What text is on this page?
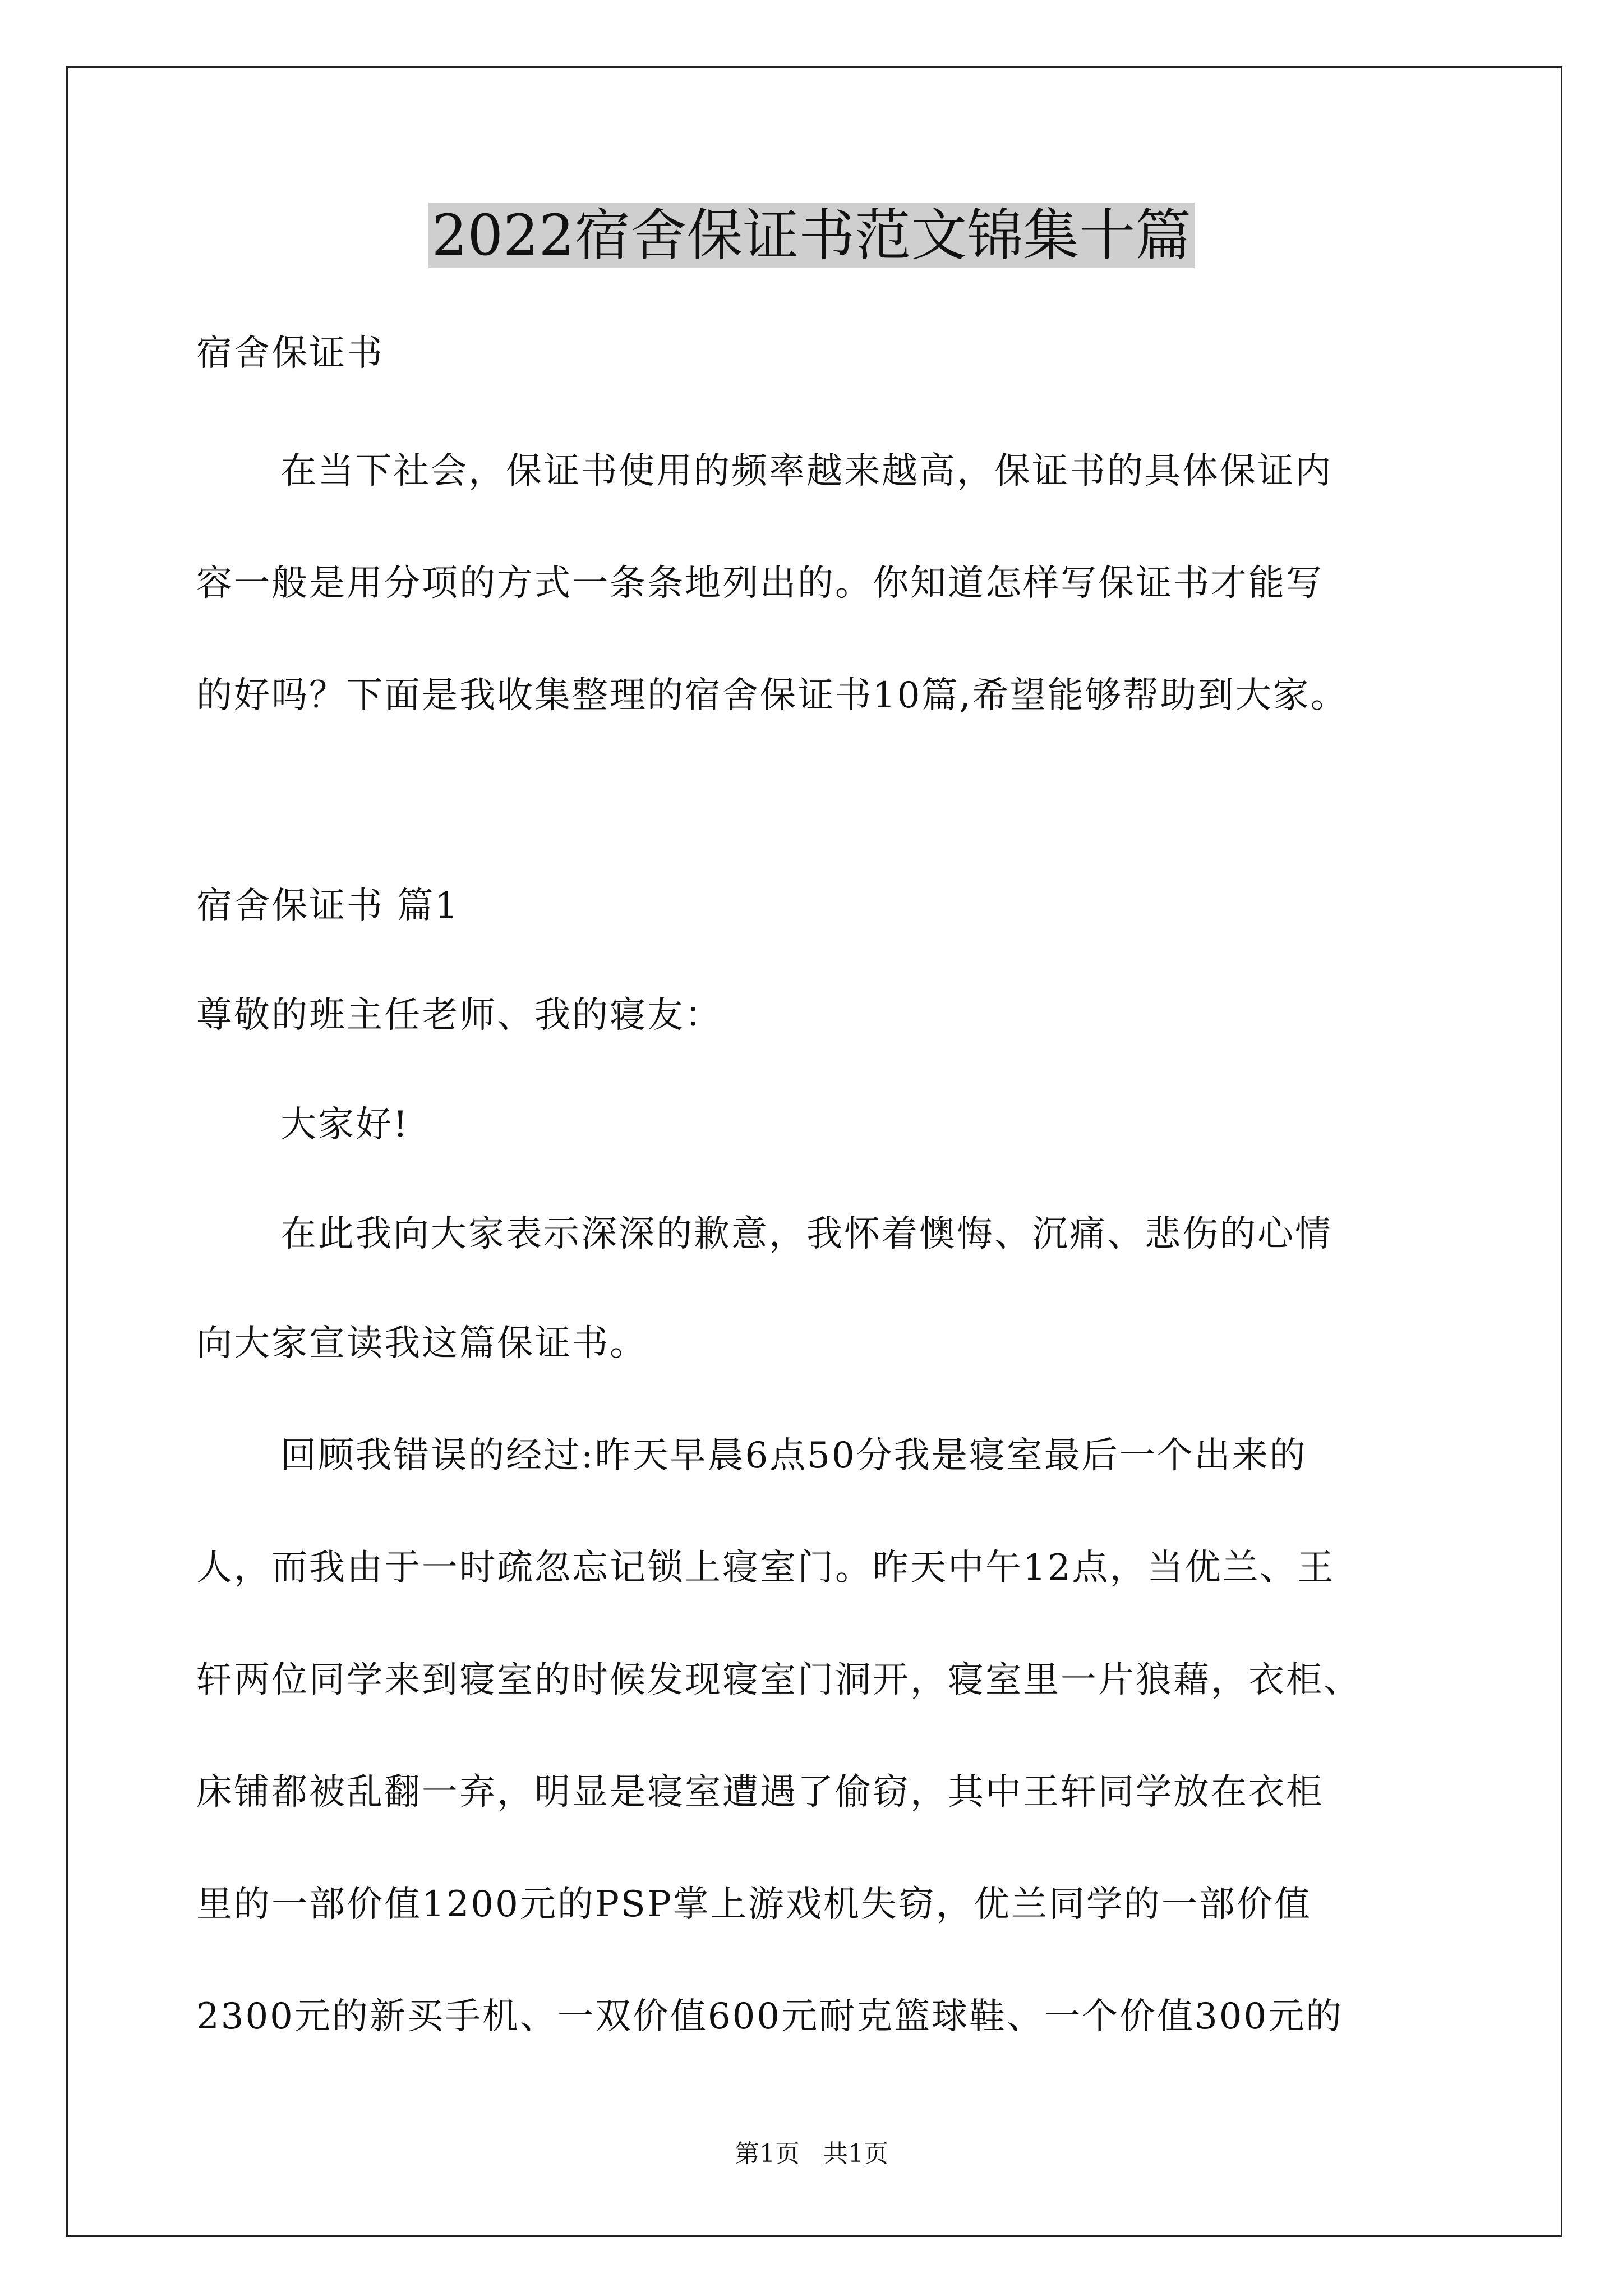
2022宿舍保证书范文锦集十篇
宿舍保证书
在当下社会，保证书使用的频率越来越高，保证书的具体保证内
容一般是用分项的方式一条条地列出的。你知道怎样写保证书才能写
的好吗？下面是我收集整理的宿舍保证书10篇,希望能够帮助到大家。
宿舍保证书 篇1
尊敬的班主任老师、我的寝友：
大家好!
在此我向大家表示深深的歉意，我怀着懊悔、沉痛、悲伤的心情
向大家宣读我这篇保证书。
回顾我错误的经过:昨天早晨6点50分我是寝室最后一个出来的
人，而我由于一时疏忽忘记锁上寝室门。昨天中午12点，当优兰、王
轩两位同学来到寝室的时候发现寝室门洞开，寝室里一片狼藉，衣柜、
床铺都被乱翻一弃，明显是寝室遭遇了偷窃，其中王轩同学放在衣柜
里的一部价值1200元的PSP掌上游戏机失窃，优兰同学的一部价值
2300元的新买手机、一双价值600元耐克篮球鞋、一个价值300元的
第1页   共1页
